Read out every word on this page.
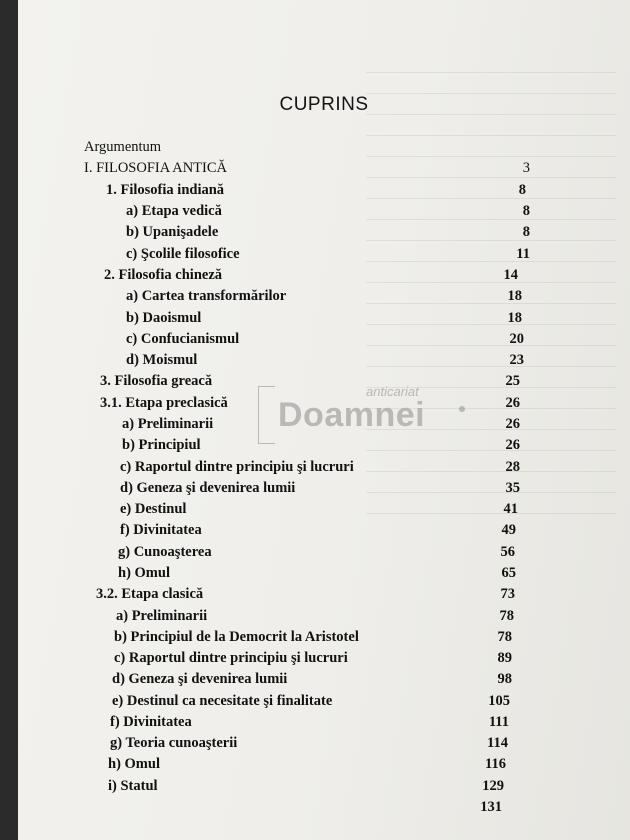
CUPRINS
Argumentum
I. FILOSOFIA ANTICĂ	3
1. Filosofia indiană	8
a) Etapa vedică	8
b) Upanişadele	8
c) Şcolile filosofice	11
2. Filosofia chineză	14
a) Cartea transformărilor	18
b) Daoismul	18
c) Confucianismul	20
d) Moismul	23
3. Filosofia greacă	25
3.1. Etapa preclasică	26
a) Preliminarii	26
b) Principiul	26
c) Raportul dintre principiu şi lucruri	28
d) Geneza şi devenirea lumii	35
e) Destinul	41
f) Divinitatea	49
g) Cunoaşterea	56
h) Omul	65
3.2. Etapa clasică	73
a) Preliminarii	78
b) Principiul de la Democrit la Aristotel	78
c) Raportul dintre principiu şi lucruri	89
d) Geneza şi devenirea lumii	98
e) Destinul ca necesitate şi finalitate	105
f) Divinitatea	111
g) Teoria cunoaşterii	114
h) Omul	116
i) Statul	129
131
anticariat
Doamnei
